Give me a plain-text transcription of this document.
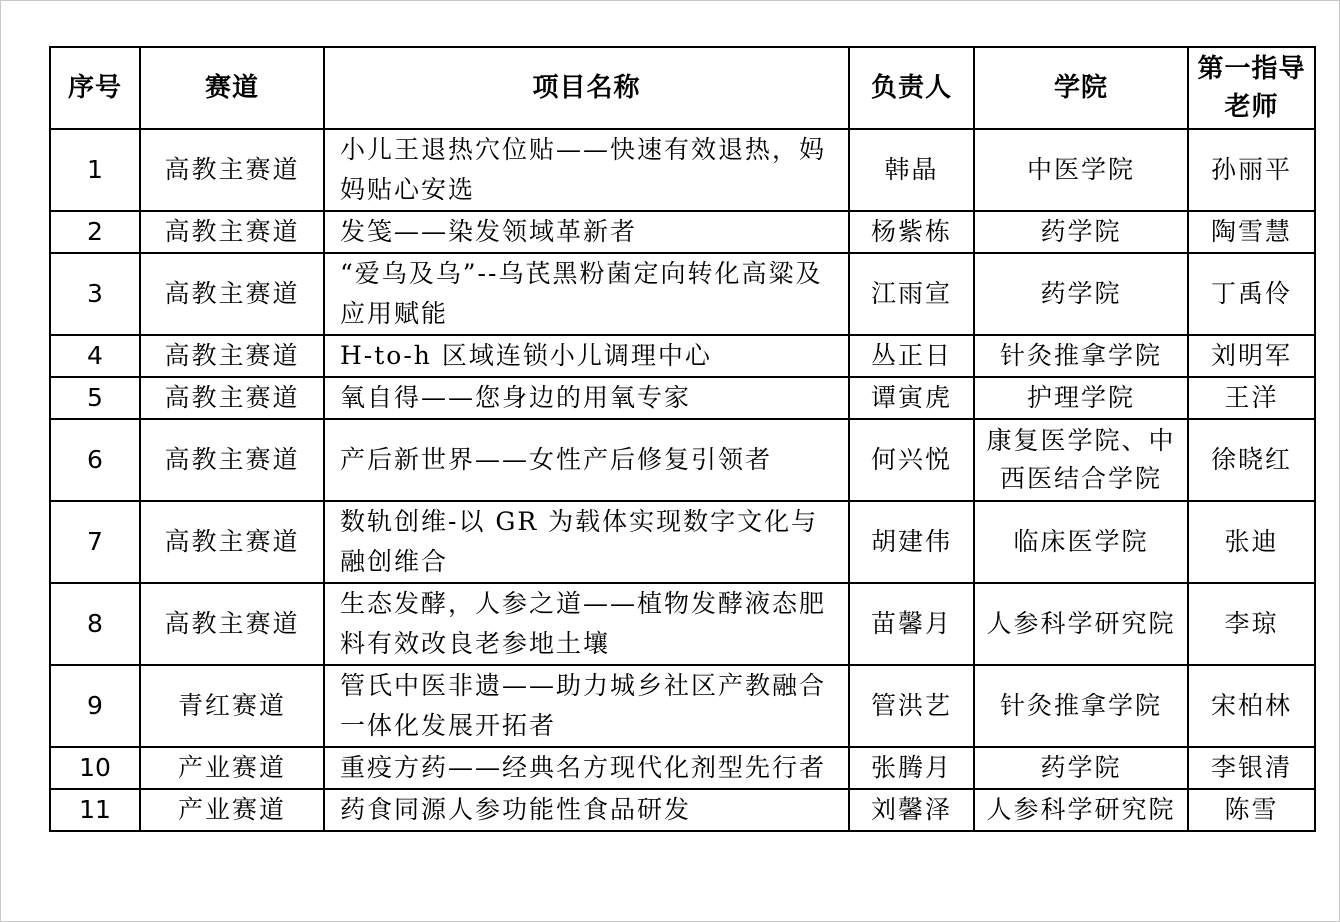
序号	赛道	项目名称	负责人	学院	第一指导老师
1	高教主赛道	小儿王退热穴位贴——快速有效退热，妈妈贴心安选	韩晶	中医学院	孙丽平
2	高教主赛道	发笺——染发领域革新者	杨紫栋	药学院	陶雪慧
3	高教主赛道	“爱乌及乌”--乌芪黑粉菌定向转化高粱及应用赋能	江雨宣	药学院	丁禹伶
4	高教主赛道	H-to-h 区域连锁小儿调理中心	丛正日	针灸推拿学院	刘明军
5	高教主赛道	氧自得——您身边的用氧专家	谭寅虎	护理学院	王洋
6	高教主赛道	产后新世界——女性产后修复引领者	何兴悦	康复医学院、中西医结合学院	徐晓红
7	高教主赛道	数轨创维-以 GR 为载体实现数字文化与融创维合	胡建伟	临床医学院	张迪
8	高教主赛道	生态发酵，人参之道——植物发酵液态肥料有效改良老参地土壤	苗馨月	人参科学研究院	李琼
9	青红赛道	管氏中医非遗——助力城乡社区产教融合一体化发展开拓者	管洪艺	针灸推拿学院	宋柏林
10	产业赛道	重疫方药——经典名方现代化剂型先行者	张腾月	药学院	李银清
11	产业赛道	药食同源人参功能性食品研发	刘馨泽	人参科学研究院	陈雪
